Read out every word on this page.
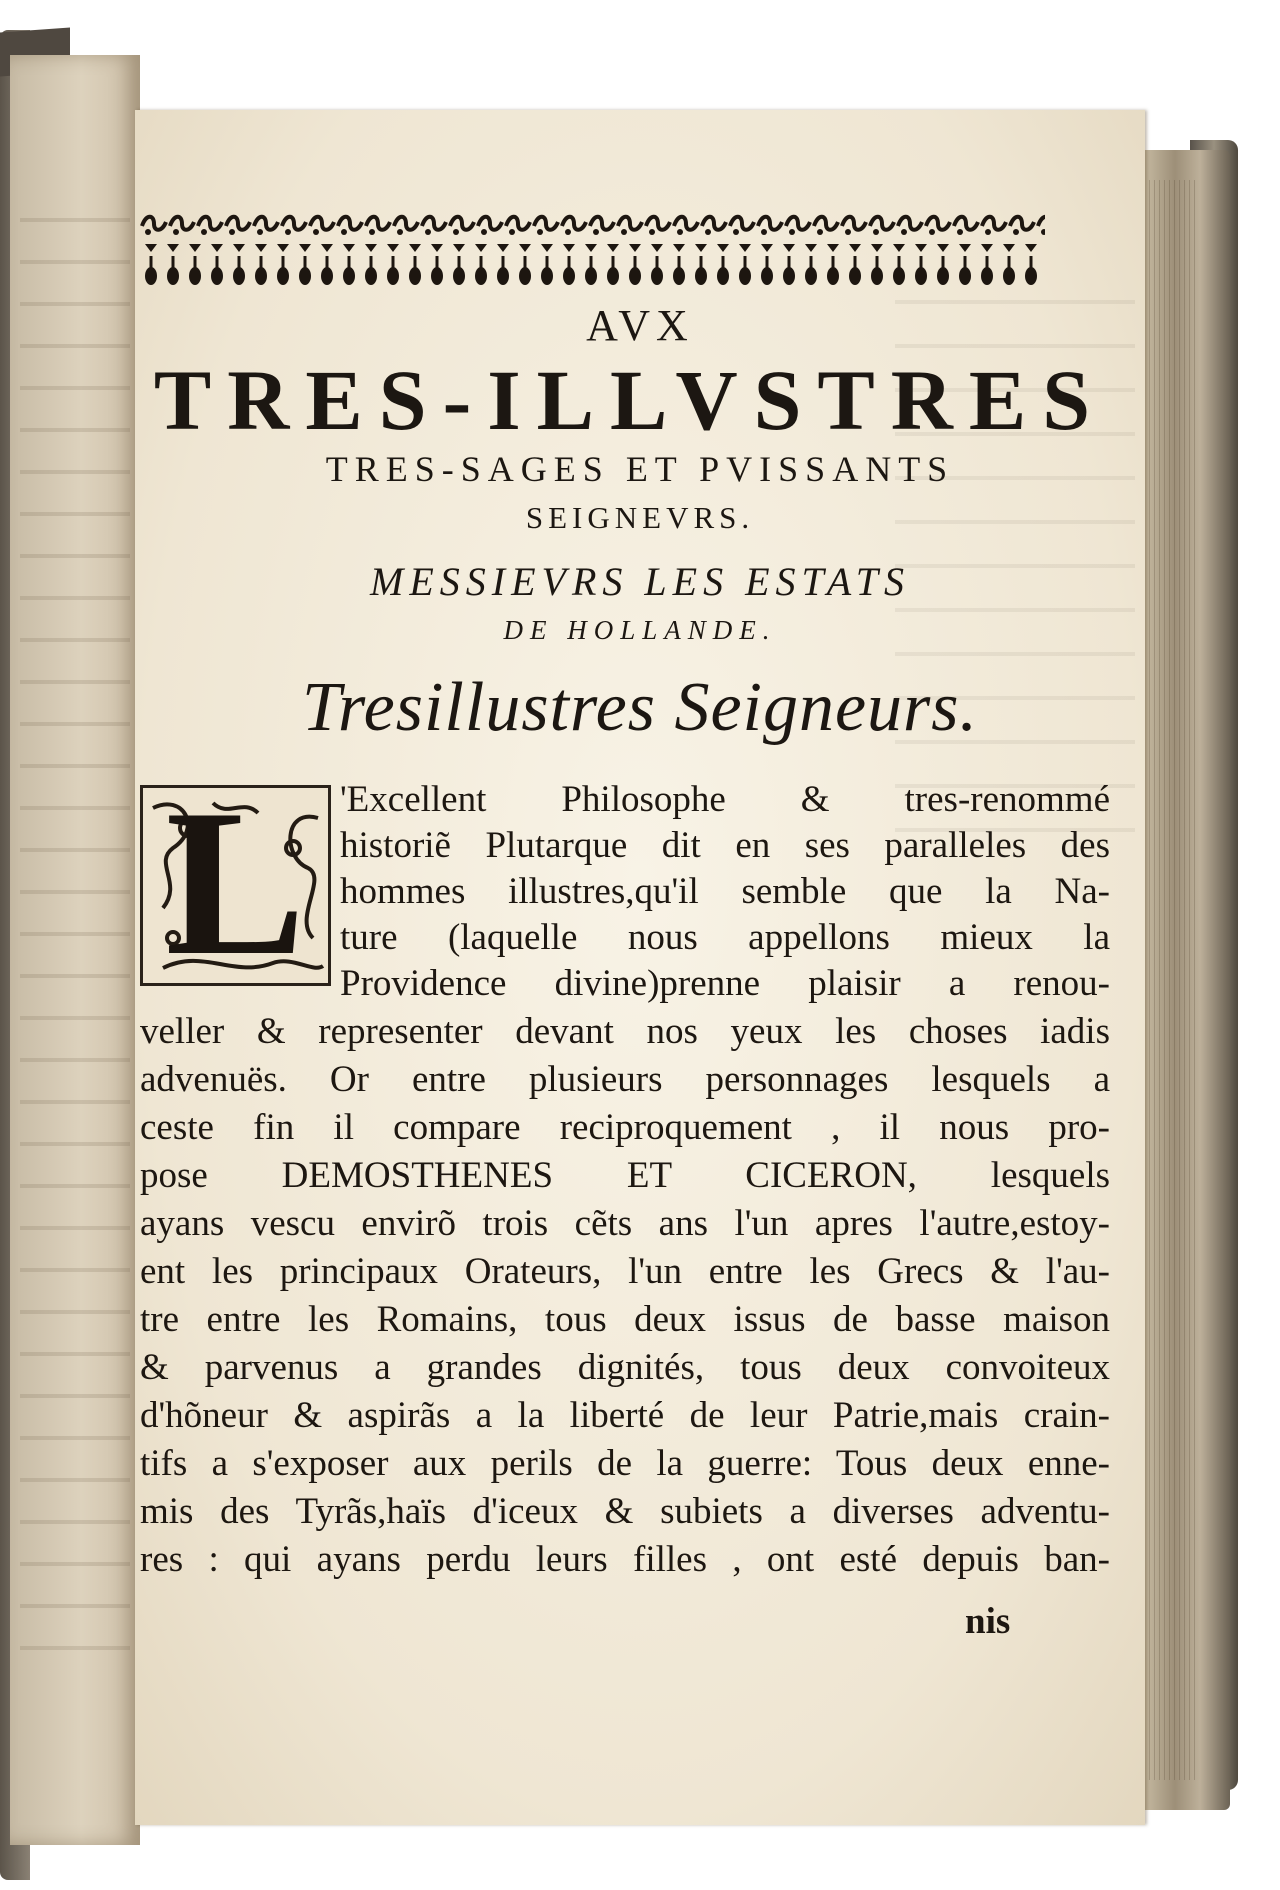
AVX
TRES-ILLVSTRES
TRES-SAGES ET PVISSANTS
SEIGNEVRS.
MESSIEVRS LES ESTATS
DE HOLLANDE.
Tresillustres Seigneurs.
L 'Excellent Philosophe & tres-renommé
historiẽ Plutarque dit en ses paralleles des
hommes illustres,qu'il semble que la Na-
ture (laquelle nous appellons mieux la
Providence divine)prenne plaisir a renou-
veller & representer devant nos yeux les choses iadis
advenuës. Or entre plusieurs personnages lesquels a
ceste fin il compare reciproquement , il nous pro-
pose DEMOSTHENES ET CICERON, lesquels
ayans vescu envirõ trois cẽts ans l'un apres l'autre,estoy-
ent les principaux Orateurs, l'un entre les Grecs & l'au-
tre entre les Romains, tous deux issus de basse maison
& parvenus a grandes dignités, tous deux convoiteux
d'hõneur & aspirãs a la liberté de leur Patrie,mais crain-
tifs a s'exposer aux perils de la guerre: Tous deux enne-
mis des Tyrãs,haïs d'iceux & subiets a diverses adventu-
res : qui ayans perdu leurs filles , ont esté depuis ban-
nis
